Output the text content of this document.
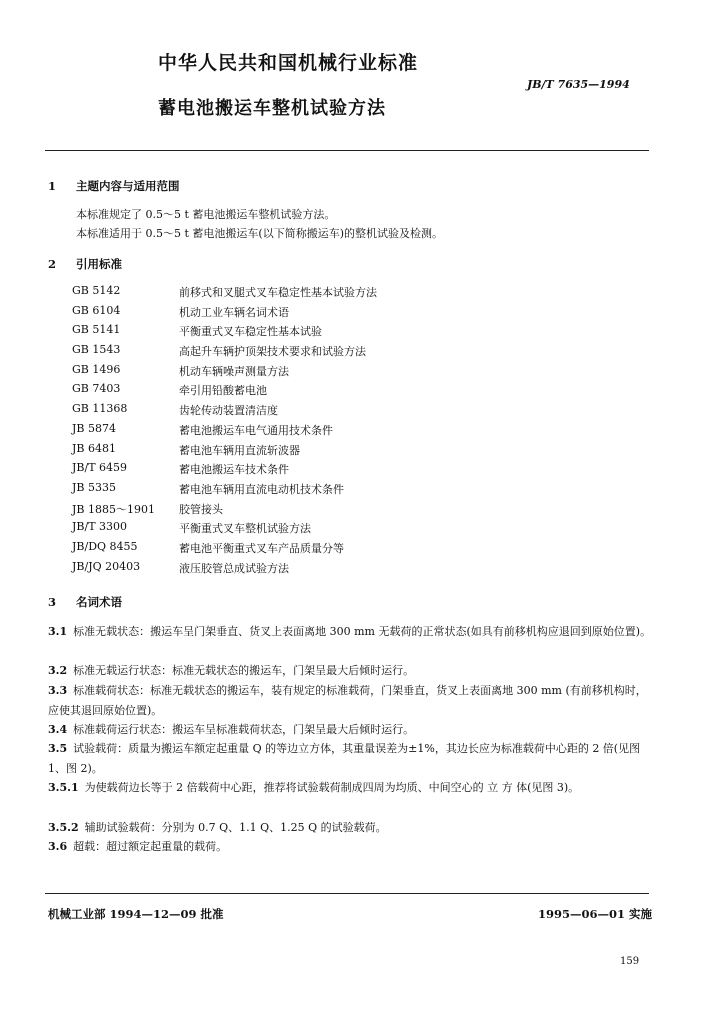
中华人民共和国机械行业标准
JB/T 7635—1994
蓄电池搬运车整机试验方法
1 主题内容与适用范围
本标准规定了 0.5～5 t 蓄电池搬运车整机试验方法。
本标准适用于 0.5～5 t 蓄电池搬运车(以下简称搬运车)的整机试验及检测。
2 引用标准
GB 5142	前移式和叉腿式叉车稳定性基本试验方法
GB 6104	机动工业车辆名词术语
GB 5141	平衡重式叉车稳定性基本试验
GB 1543	高起升车辆护顶架技术要求和试验方法
GB 1496	机动车辆噪声测量方法
GB 7403	牵引用铅酸蓄电池
GB 11368	齿轮传动装置清洁度
JB 5874	蓄电池搬运车电气通用技术条件
JB 6481	蓄电池车辆用直流斩波器
JB/T 6459	蓄电池搬运车技术条件
JB 5335	蓄电池车辆用直流电动机技术条件
JB 1885～1901	胶管接头
JB/T 3300	平衡重式叉车整机试验方法
JB/DQ 8455	蓄电池平衡重式叉车产品质量分等
JB/JQ 20403	液压胶管总成试验方法
3 名词术语
3.1 标准无载状态：搬运车呈门架垂直、货叉上表面离地 300 mm 无载荷的正常状态(如具有前移机构应退回到原始位置)。
3.2 标准无载运行状态：标准无载状态的搬运车，门架呈最大后倾时运行。
3.3 标准载荷状态：标准无载状态的搬运车，装有规定的标准载荷，门架垂直，货叉上表面离地 300 mm (有前移机构时，应使其退回原始位置)。
3.4 标准载荷运行状态：搬运车呈标准载荷状态，门架呈最大后倾时运行。
3.5 试验载荷：质量为搬运车额定起重量 Q 的等边立方体，其重量误差为±1%，其边长应为标准载荷中心距的 2 倍(见图 1、图 2)。
3.5.1 为使载荷边长等于 2 倍载荷中心距，推荐将试验载荷制成四周为均质、中间空心的 立 方 体(见图 3)。
3.5.2 辅助试验载荷：分别为 0.7 Q、1.1 Q、1.25 Q 的试验载荷。
3.6 超载：超过额定起重量的载荷。
机械工业部 1994—12—09 批准	1995—06—01 实施
159
